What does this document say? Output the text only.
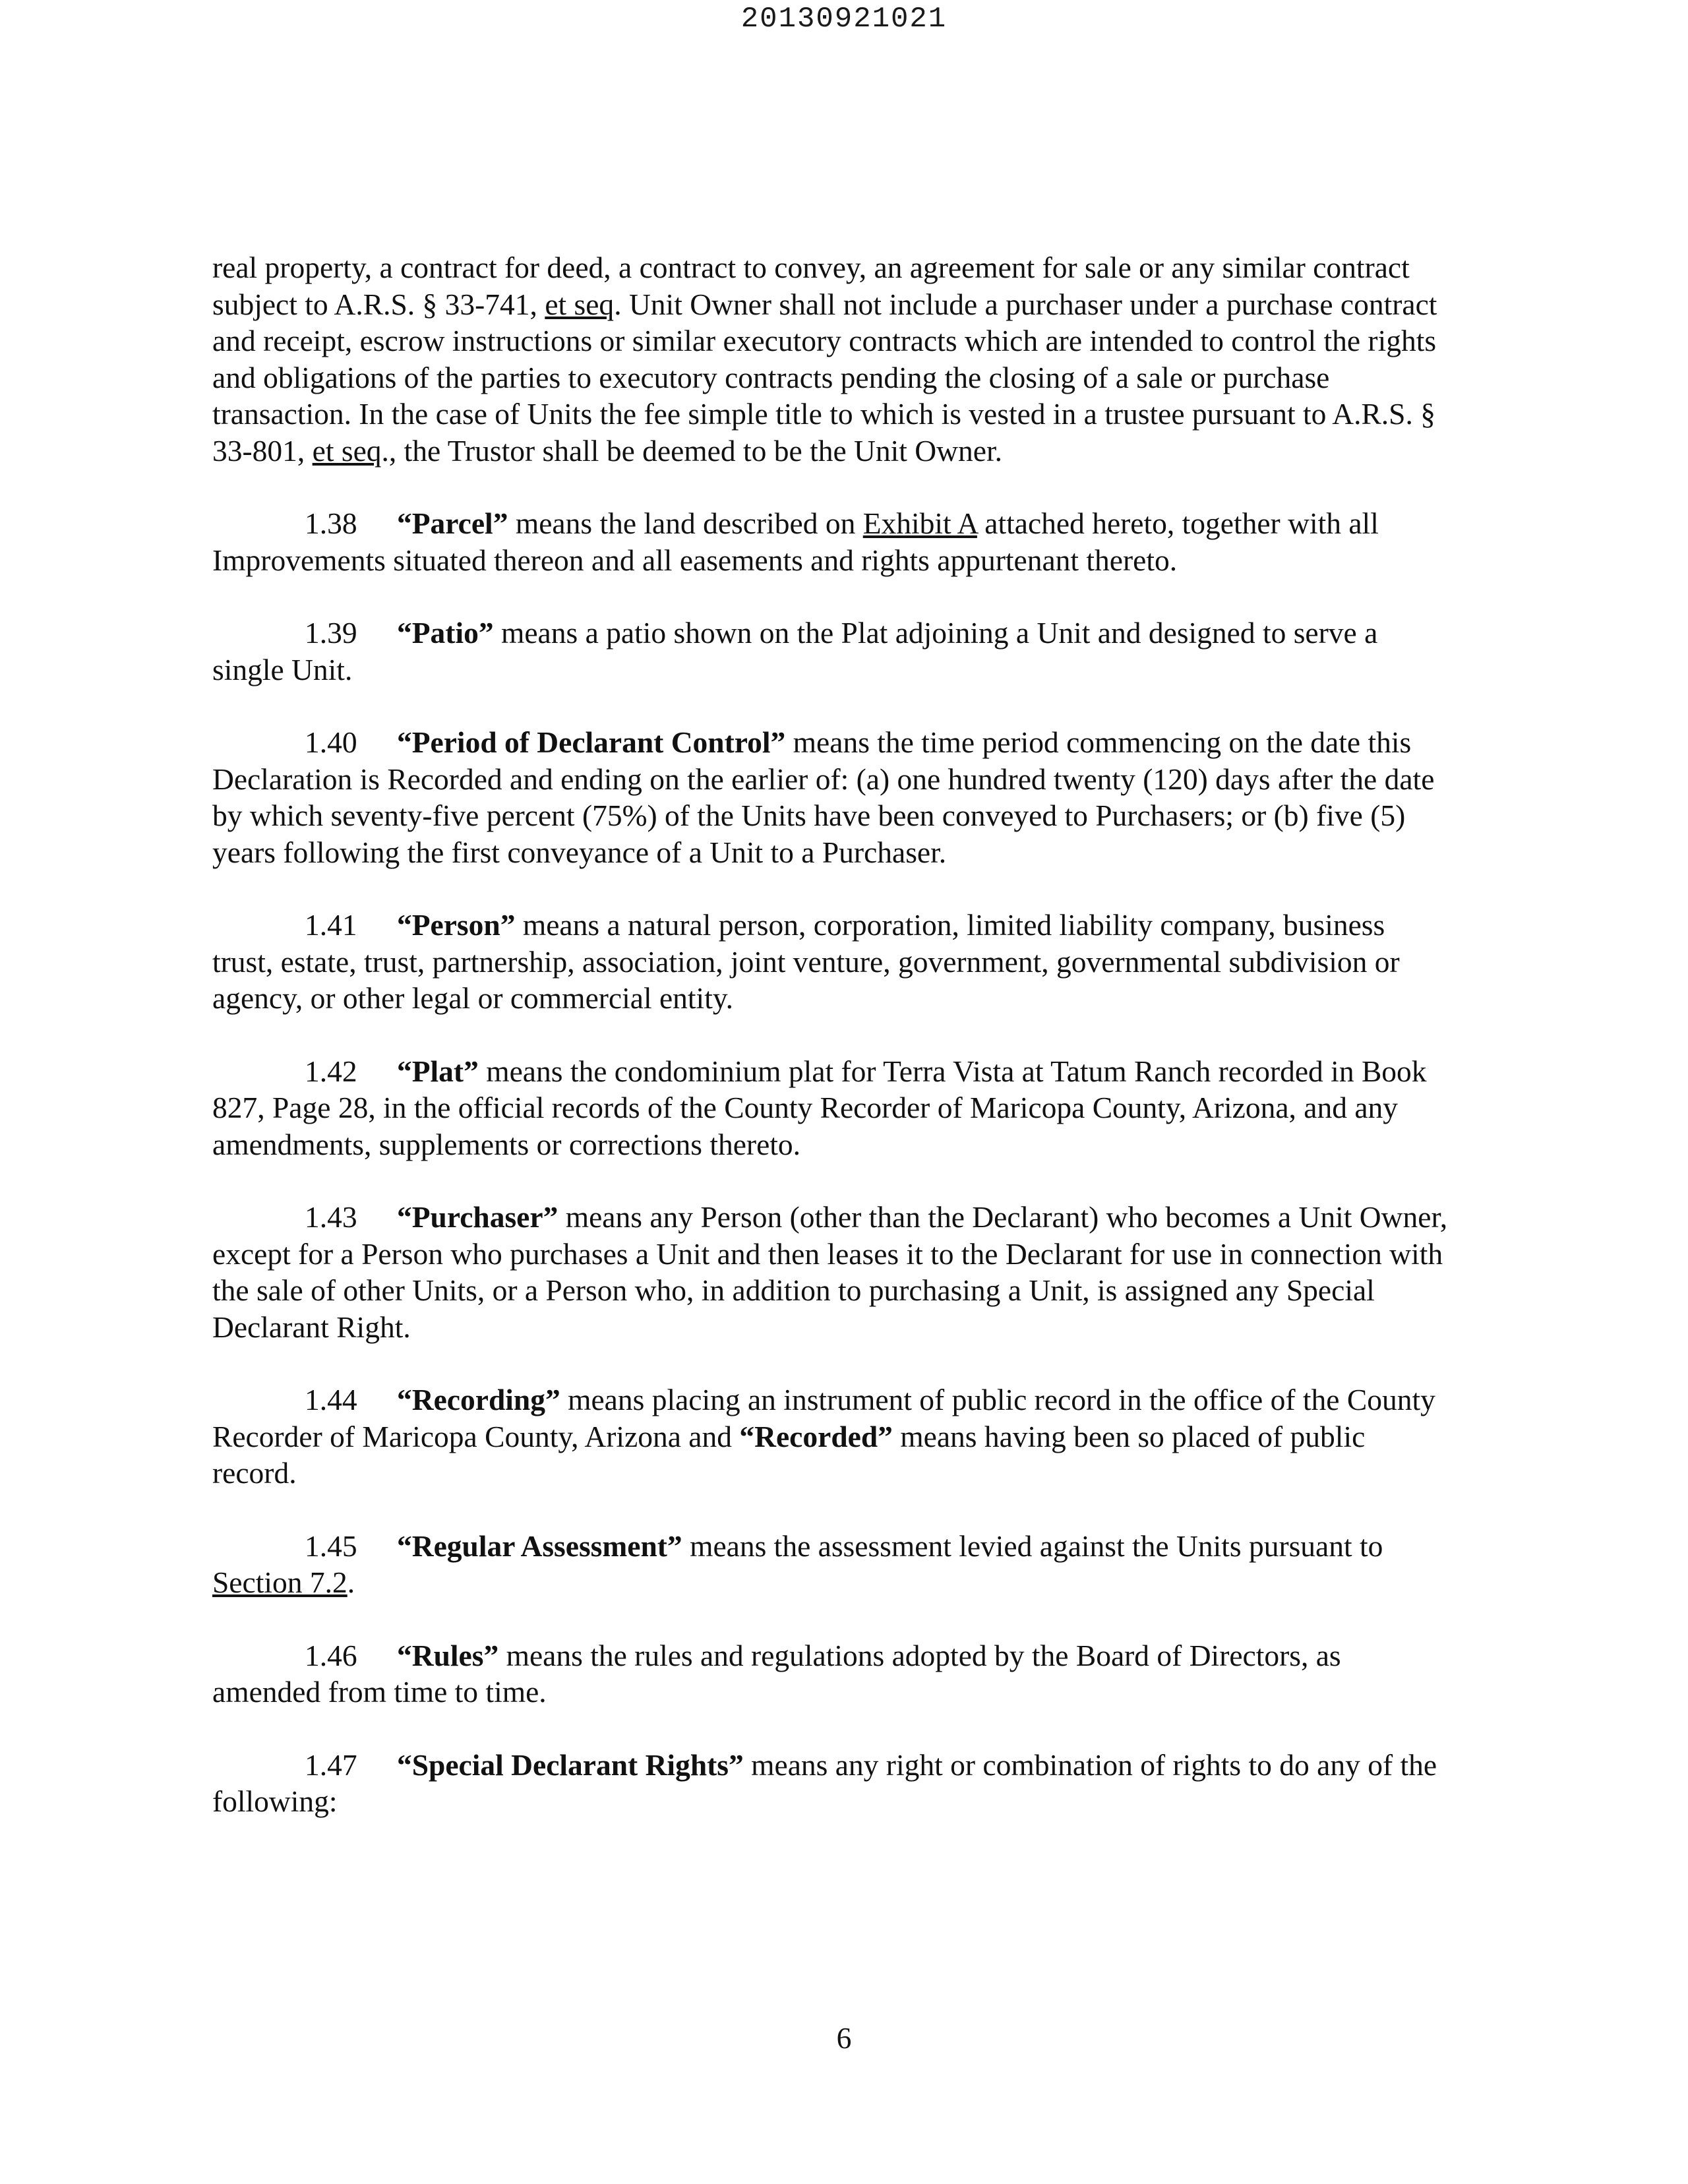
20130921021

real property, a contract for deed, a contract to convey, an agreement for sale or any similar contract subject to A.R.S. § 33-741, et seq. Unit Owner shall not include a purchaser under a purchase contract and receipt, escrow instructions or similar executory contracts which are intended to control the rights and obligations of the parties to executory contracts pending the closing of a sale or purchase transaction. In the case of Units the fee simple title to which is vested in a trustee pursuant to A.R.S. § 33-801, et seq., the Trustor shall be deemed to be the Unit Owner.

1.38 “Parcel” means the land described on Exhibit A attached hereto, together with all Improvements situated thereon and all easements and rights appurtenant thereto.

1.39 “Patio” means a patio shown on the Plat adjoining a Unit and designed to serve a single Unit.

1.40 “Period of Declarant Control” means the time period commencing on the date this Declaration is Recorded and ending on the earlier of: (a) one hundred twenty (120) days after the date by which seventy-five percent (75%) of the Units have been conveyed to Purchasers; or (b) five (5) years following the first conveyance of a Unit to a Purchaser.

1.41 “Person” means a natural person, corporation, limited liability company, business trust, estate, trust, partnership, association, joint venture, government, governmental subdivision or agency, or other legal or commercial entity.

1.42 “Plat” means the condominium plat for Terra Vista at Tatum Ranch recorded in Book 827, Page 28, in the official records of the County Recorder of Maricopa County, Arizona, and any amendments, supplements or corrections thereto.

1.43 “Purchaser” means any Person (other than the Declarant) who becomes a Unit Owner, except for a Person who purchases a Unit and then leases it to the Declarant for use in connection with the sale of other Units, or a Person who, in addition to purchasing a Unit, is assigned any Special Declarant Right.

1.44 “Recording” means placing an instrument of public record in the office of the County Recorder of Maricopa County, Arizona and “Recorded” means having been so placed of public record.

1.45 “Regular Assessment” means the assessment levied against the Units pursuant to Section 7.2.

1.46 “Rules” means the rules and regulations adopted by the Board of Directors, as amended from time to time.

1.47 “Special Declarant Rights” means any right or combination of rights to do any of the following:

6
